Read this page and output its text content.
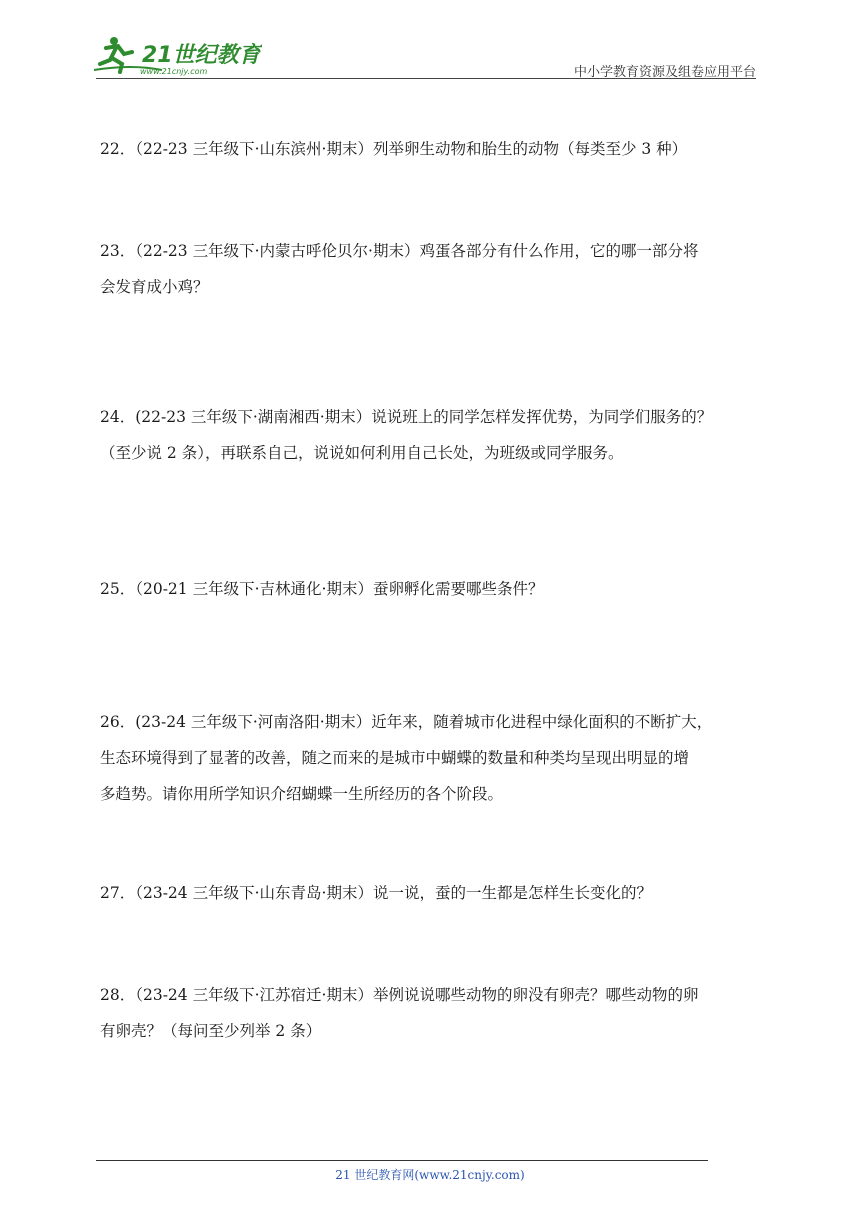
21世纪教育
www.21cnjy.com	中小学教育资源及组卷应用平台
22．（22-23 三年级下·山东滨州·期末）列举卵生动物和胎生的动物（每类至少 3 种）
23．（22-23 三年级下·内蒙古呼伦贝尔·期末）鸡蛋各部分有什么作用，它的哪一部分将
会发育成小鸡？
24．(22-23 三年级下·湖南湘西·期末）说说班上的同学怎样发挥优势，为同学们服务的？
（至少说 2 条），再联系自己，说说如何利用自己长处，为班级或同学服务。
25．（20-21 三年级下·吉林通化·期末）蚕卵孵化需要哪些条件？
26．(23-24 三年级下·河南洛阳·期末）近年来，随着城市化进程中绿化面积的不断扩大，
生态环境得到了显著的改善，随之而来的是城市中蝴蝶的数量和种类均呈现出明显的增
多趋势。请你用所学知识介绍蝴蝶一生所经历的各个阶段。
27．（23-24 三年级下·山东青岛·期末）说一说，蚕的一生都是怎样生长变化的？
28．（23-24 三年级下·江苏宿迁·期末）举例说说哪些动物的卵没有卵壳？哪些动物的卵
有卵壳？（每问至少列举 2 条）
21 世纪教育网(www.21cnjy.com)
